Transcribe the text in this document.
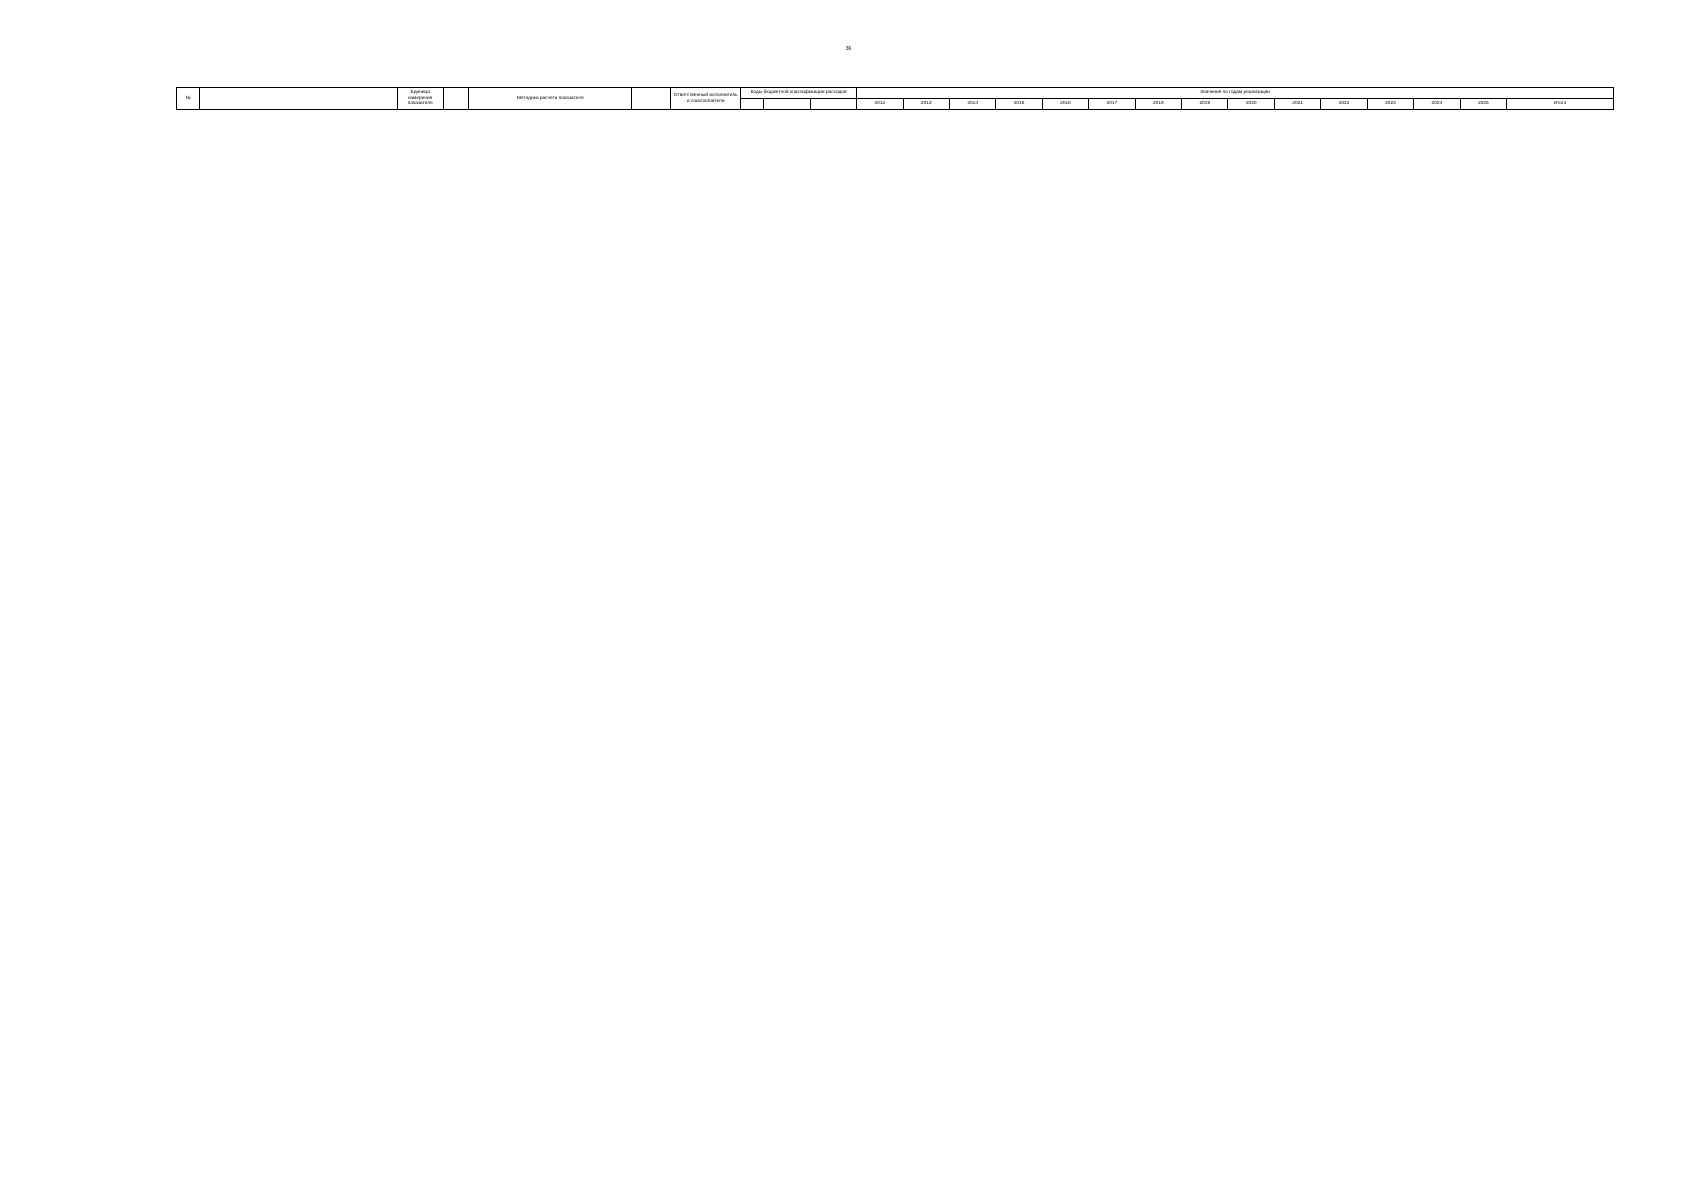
36
№		Единица измерения показателя		Методика расчета показателя		Ответственный исполнитель и соисполнители	Коды бюджетной классификации расходов			Значения по годам реализации														
										2012	2013	2014	2015	2016	2017	2018	2019	2020	2021	2022	2023	2024	2025	Итого
